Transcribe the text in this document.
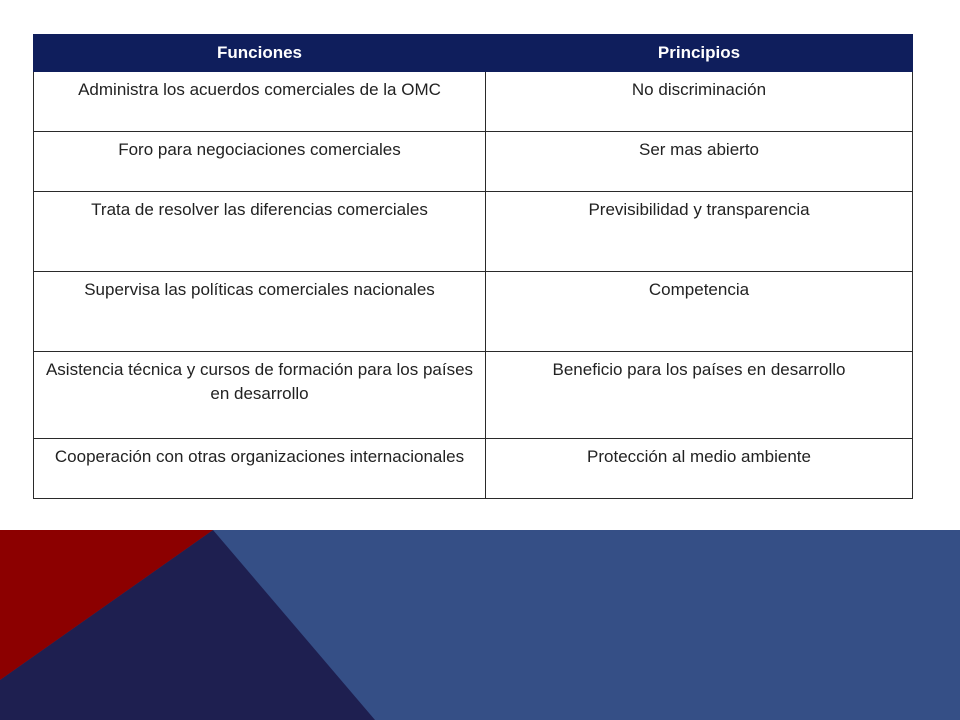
Funciones	Principios
Administra los acuerdos comerciales de la OMC	No discriminación
Foro para negociaciones comerciales	Ser mas abierto
Trata de resolver las diferencias comerciales	Previsibilidad y transparencia
Supervisa las políticas comerciales nacionales	Competencia
Asistencia técnica y cursos de formación para los países en desarrollo	Beneficio para los países en desarrollo
Cooperación con otras organizaciones internacionales	Protección al medio ambiente
